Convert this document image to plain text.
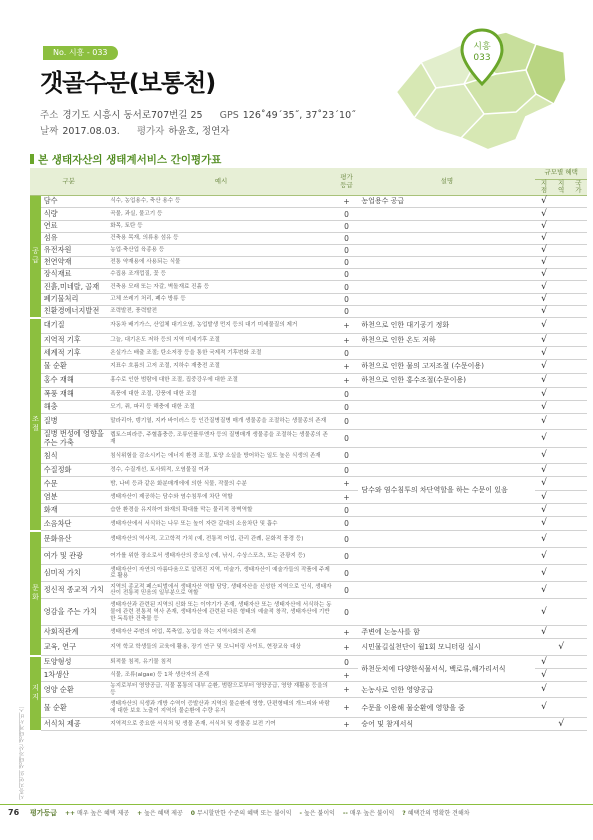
시흥지역의 생태자산 생태계서비스
No. 시흥 - 033
갯골수문(보통천)
주소 경기도 시흥시 동서로707번길 25 GPS 126˚49΄35˝, 37˚23΄10˝
날짜 2017.08.03. 평가자 하윤호, 정연자
시흥
033
본 생태자산의 생태계서비스 간이평가표
구분		예시	평가등급	설명	규모별 혜택		
					지점	지역	국가
공급	담수	식수, 농업용수, 축산 용수 등	+	농업용수 공급	√		
	식량	곡물, 과실, 물고기 등	0		√		
	연료	화목, 토탄 등	0		√		
	섬유	건축용 목재, 의류용 섬유 등	0		√		
	유전자원	농업·축산업 육종용 등	0		√		
	천연약재	전통 약재용에 사용되는 식물	0		√		
	장식재료	수집용 조개껍질, 꽃 등	0		√		
	진흙,미네랄, 골재	건축용 모래 또는 자갈, 벽돌재료 진흙 등	0		√		
	폐기물처리	고체 쓰레기 처리, 폐수 방류 등	0		√		
	친환경에너지발전	조력발전, 풍력발전	0		√		
조절	대기질	자동차 배기가스, 산업체 대기오염, 농업발생 먼지 등의 대기 미세물질의 제거	+	하천으로 인한 대기공기 정화	√		
	지역적 기후	그늘, 대기온도 저하 등의 지역 미세기후 조절	+	하천으로 인한 온도 저하	√		
	세계적 기후	온실가스 배출 조절; 탄소저장 등을 통한 국제적 기후변화 조절	0		√		
	물 순환	지표수 흐름의 고저 조절, 지하수 재충전 조절	+	하천으로 인한 물의 고저조절 (수문이용)	√		
	홍수 재해	홍수로 인한 범람에 대한 조절, 집중강우에 대한 조절	+	하천으로 인한 홍수조절(수문이용)	√		
	폭풍 재해	폭풍에 대한 조절, 강풍에 대한 조절	0		√		
	해충	모기, 쥐, 파리 등 해충에 대한 조절	0		√		
	질병	말라리아, 뎅기열, 지카 바이러스 등 인간질병질병 매개 생물종을 조절하는 생물종의 존재	0		√		
	질병 번성에 영향을 주는 가축	렙토스피라증, 주혈흡충증, 조류인플루엔자 등의 질병매개 생물종을 조절하는 생물종의 존재	0		√		
	침식	침식위험을 감소시키는 에너지 환경 조절, 토양 소실을 방어하는 일도 높은 식생의 존재	0		√		
	수질정화	정수, 수질개선, 토사퇴적, 오염물질 여과	0		√		
	수문	밤, 나비 등과 같은 화분매개에에 의한 식물, 작물의 수분	+	담수와 염수침투의 차단역할을 하는 수문이 있음	√		
	염분	생태자산이 제공하는 담수와 염수침투에 차단 역할	+		√		
	화재	습한 환경을 유지하여 화재의 확대를 막는 물리적 장벽역할	0		√		
	소음차단	생태자산에서 서식하는 나무 또는 높이 자란 갈대의 소음차단 및 흡수	0		√		
문화	문화유산	생태자산의 역사적, 고고학적 가치 (예, 전통적 어업, 관리 관례, 문화적 풍경 등)	0		√		
	여가 및 관광	여가를 위한 장소로서 생태자산의 중요성 (예, 낚시, 수상스포츠, 또는 관광지 등)	0		√		
	심미적 가치	생태자산이 자연의 아름다움으로 알려진 지역, 미술가, 생태자산이 예술가들의 작품에 주제로 활용	0		√		
	정신적 종교적 가치	지역의 종교적 페스티벌에서 생태자산 역할 담당, 생태자산을 신성한 지역으로 인식, 생태자산이 전통적 믿음의 일부분으로 역할	0		√		
	영감을 주는 가치	생태자산과 관련된 지역의 신화 또는 이야기가 존재, 생태자산 또는 생태자산에 서식하는 동물에 관련 전통적 역사 존재, 생태자산에 관련된 다른 형태의 예술적 창작, 생태자산에 기반한 독특한 건축물 등	0		√		
	사회적관계	생태자산 주변의 어업, 목축업, 농업을 하는 지역사회의 존재	+	주변에 논농사를 함	√		
	교육, 연구	지역 학교 학생들의 교육에 활용, 장기 연구 및 모니터링 사이트, 현장교육 대상	+	시민물길실천단이 월1회 모니터링 실시		√	
지지	토양형성	퇴적물 침적, 유기물 침적	0	하천둔치에 다양한식물서식, 백로류,해가리서식	√		
	1차생산	식물, 조류(algae) 등 1차 생산자의 존재	+		√		
	영양 순환	농지로부터 영양공급, 식물 몸통의 내부 순환, 범람으로부터 영양공급, 영양 재활용 등을의 등	+	논농사로 인한 영양공급	√		
	물 순환	생태자산의 식생과 개방 수역이 증발산과 지역의 물순환에 영향, 단편형태의 개느피와 바람에 대한 보호 노출이 지역의 물순환에 수량 유지	+	수문을 이용해 물순환에 영향을 줌	√		
	서식처 제공	지역적으로 중요한 서식처 및 생물 존재, 서식처 및 생물종 보전 기여	+	승어 및 참게서식		√	
76 평가등급 ++ 매우 높은 혜택 제공 + 높은 혜택 제공 0 무시할만한 수준의 혜택 또는 불이익 - 높은 불이익 -- 매우 높은 불이익 ? 혜택간의 명확한 견해차
